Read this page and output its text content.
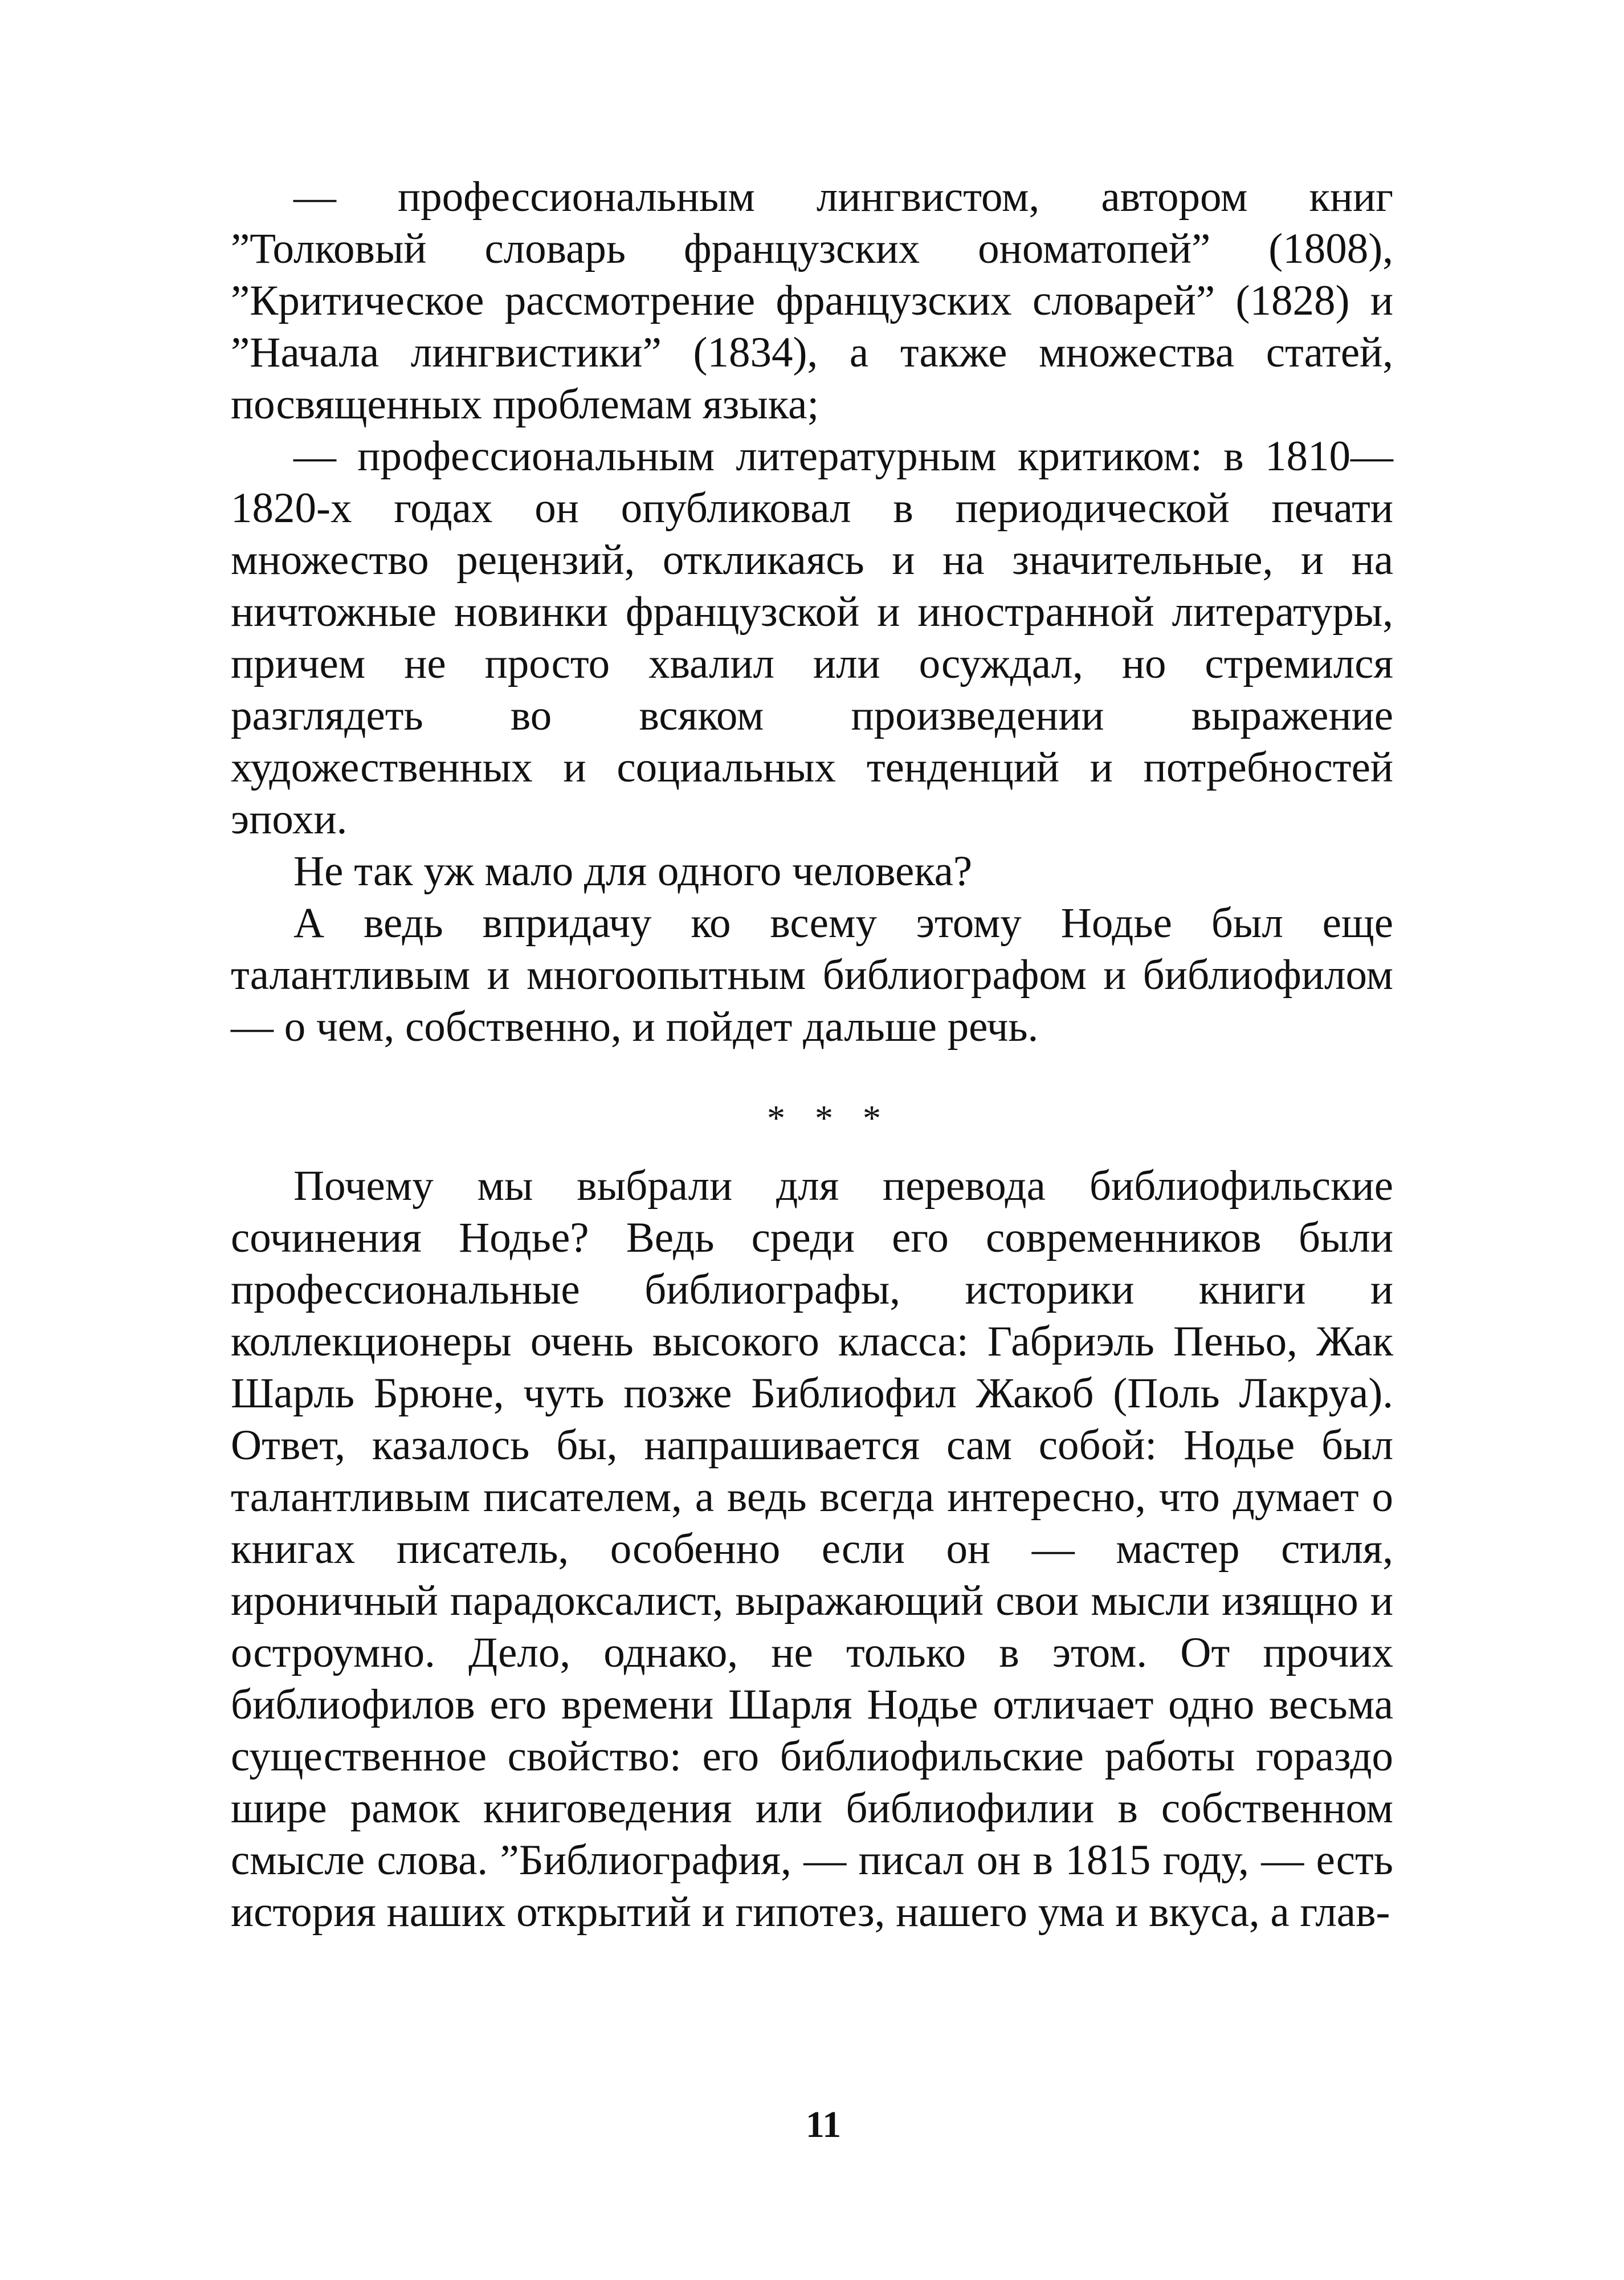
— профессиональным лингвистом, автором книг ”Толковый словарь французских ономатопей” (1808), ”Критическое рассмотрение французских словарей” (1828) и ”Начала лингвистики” (1834), а также множества статей, посвященных проблемам языка;

— профессиональным литературным критиком: в 1810—1820-х годах он опубликовал в периодической печати множество рецензий, откликаясь и на значительные, и на ничтожные новинки французской и иностранной литературы, причем не просто хвалил или осуждал, но стремился разглядеть во всяком произведении выражение художественных и социальных тенденций и потребностей эпохи.

Не так уж мало для одного человека?

А ведь впридачу ко всему этому Нодье был еще талантливым и многоопытным библиографом и библиофилом — о чем, собственно, и пойдет дальше речь.

* * *

Почему мы выбрали для перевода библиофильские сочинения Нодье? Ведь среди его современников были профессиональные библиографы, историки книги и коллекционеры очень высокого класса: Габриэль Пеньо, Жак Шарль Брюне, чуть позже Библиофил Жакоб (Поль Лакруа). Ответ, казалось бы, напрашивается сам собой: Нодье был талантливым писателем, а ведь всегда интересно, что думает о книгах писатель, особенно если он — мастер стиля, ироничный парадоксалист, выражающий свои мысли изящно и остроумно. Дело, однако, не только в этом. От прочих библиофилов его времени Шарля Нодье отличает одно весьма существенное свойство: его библиофильские работы гораздо шире рамок книговедения или библиофилии в собственном смысле слова. ”Библиография, — писал он в 1815 году, — есть история наших открытий и гипотез, нашего ума и вкуса, а глав-

11
